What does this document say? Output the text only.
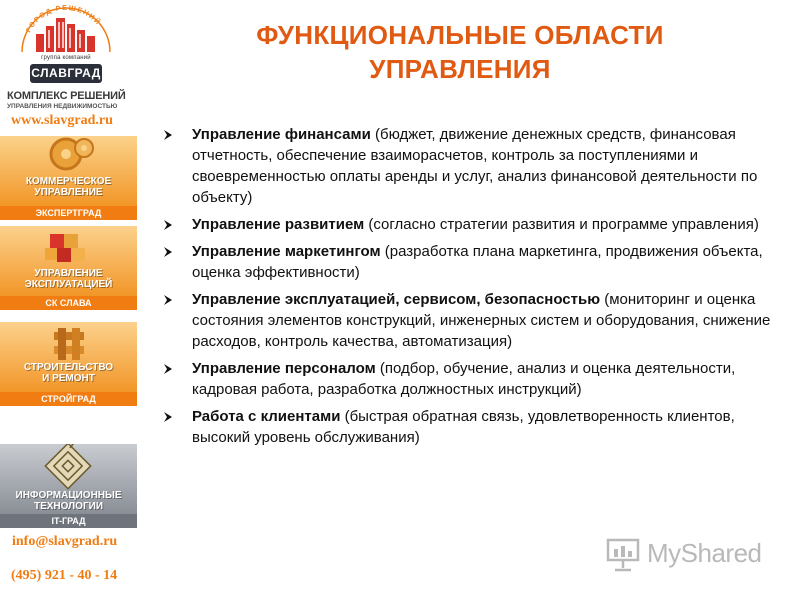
ГОРОД РЕШЕНИЙ
группа компаний
СЛАВГРАД
КОМПЛЕКС РЕШЕНИЙ
УПРАВЛЕНИЯ НЕДВИЖИМОСТЬЮ
www.slavgrad.ru
КОММЕРЧЕСКОЕ
УПРАВЛЕНИЕ
ЭКСПЕРТГРАД
УПРАВЛЕНИЕ
ЭКСПЛУАТАЦИЕЙ
СК СЛАВА
СТРОИТЕЛЬСТВО
И РЕМОНТ
СТРОЙГРАД
ИНФОРМАЦИОННЫЕ
ТЕХНОЛОГИИ
IT-ГРАД
info@slavgrad.ru
(495) 921 - 40 - 14
ФУНКЦИОНАЛЬНЫЕ ОБЛАСТИ
УПРАВЛЕНИЯ
Управление финансами (бюджет, движение денежных средств, финансовая отчетность, обеспечение взаиморасчетов, контроль за поступлениями и своевременностью оплаты аренды и услуг, анализ финансовой деятельности по объекту)
Управление развитием (согласно стратегии развития и программе управления)
Управление маркетингом (разработка плана маркетинга, продвижения объекта, оценка эффективности)
Управление эксплуатацией, сервисом, безопасностью (мониторинг и оценка состояния элементов конструкций, инженерных систем и оборудования, снижение расходов, контроль качества, автоматизация)
Управление персоналом (подбор, обучение, анализ и оценка деятельности, кадровая работа, разработка должностных инструкций)
Работа с клиентами (быстрая обратная связь, удовлетворенность клиентов, высокий уровень обслуживания)
MyShared
